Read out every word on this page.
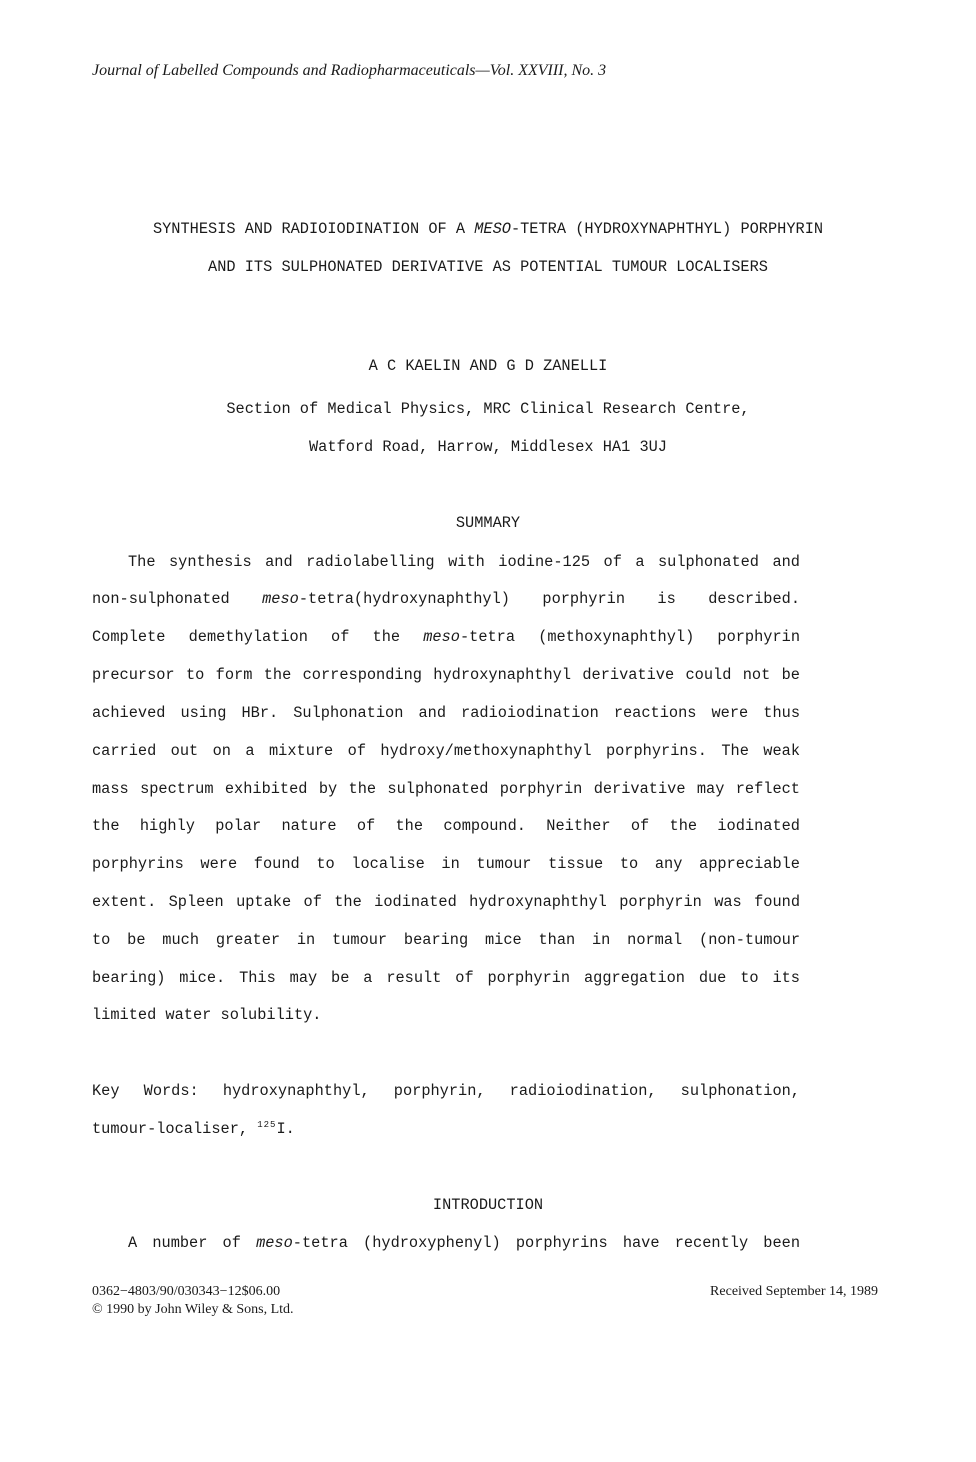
Journal of Labelled Compounds and Radiopharmaceuticals—Vol. XXVIII, No. 3
SYNTHESIS AND RADIOIODINATION OF A MESO-TETRA (HYDROXYNAPHTHYL) PORPHYRIN
AND ITS SULPHONATED DERIVATIVE AS POTENTIAL TUMOUR LOCALISERS
A C KAELIN AND G D ZANELLI
Section of Medical Physics, MRC Clinical Research Centre,
Watford Road, Harrow, Middlesex HA1 3UJ
SUMMARY
The synthesis and radiolabelling with iodine-125 of a sulphonated and
non-sulphonated meso-tetra(hydroxynaphthyl) porphyrin is described.
Complete demethylation of the meso-tetra (methoxynaphthyl) porphyrin
precursor to form the corresponding hydroxynaphthyl derivative could not be
achieved using HBr. Sulphonation and radioiodination reactions were thus
carried out on a mixture of hydroxy/methoxynaphthyl porphyrins. The weak
mass spectrum exhibited by the sulphonated porphyrin derivative may reflect
the highly polar nature of the compound. Neither of the iodinated
porphyrins were found to localise in tumour tissue to any appreciable
extent. Spleen uptake of the iodinated hydroxynaphthyl porphyrin was found
to be much greater in tumour bearing mice than in normal (non-tumour
bearing) mice. This may be a result of porphyrin aggregation due to its
limited water solubility.
Key Words: hydroxynaphthyl, porphyrin, radioiodination, sulphonation,
tumour-localiser, $^{125}$I.
INTRODUCTION
A number of meso-tetra (hydroxyphenyl) porphyrins have recently been
0362−4803/90/030343−12$06.00
© 1990 by John Wiley & Sons, Ltd.
Received September 14, 1989
